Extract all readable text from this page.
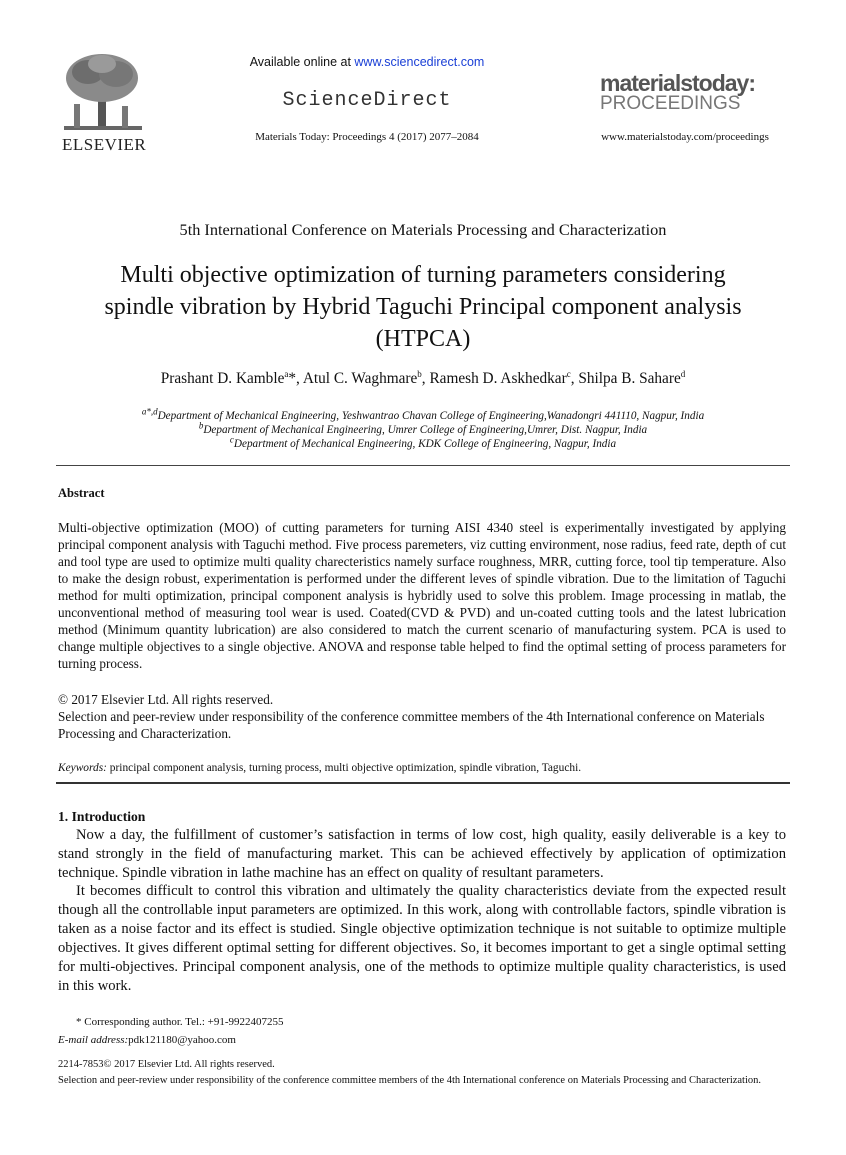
ELSEVIER
Available online at www.sciencedirect.com
ScienceDirect
Materials Today: Proceedings 4 (2017) 2077–2084
materialstoday:
PROCEEDINGS
www.materialstoday.com/proceedings
5th International Conference on Materials Processing and Characterization
Multi objective optimization of turning parameters considering
spindle vibration by Hybrid Taguchi Principal component analysis
(HTPCA)
Prashant D. Kamble$^a$*, Atul C. Waghmare$^b$, Ramesh D. Askhedkar$^c$, Shilpa B. Sahare$^d$
$^{a*,d}$Department of Mechanical Engineering, Yeshwantrao Chavan College of Engineering,Wanadongri 441110, Nagpur, India
$^b$Department of Mechanical Engineering, Umrer College of Engineering,Umrer, Dist. Nagpur, India
$^c$Department of Mechanical Engineering, KDK College of Engineering, Nagpur, India
Abstract
Multi-objective optimization (MOO) of cutting parameters for turning AISI 4340 steel is experimentally investigated by applying principal component analysis with Taguchi method. Five process paremeters, viz cutting environment, nose radius, feed rate, depth of cut and tool type are used to optimize multi quality charecteristics namely surface roughness, MRR, cutting force, tool tip temperature. Also to make the design robust, experimentation is performed under the different leves of spindle vibration. Due to the limitation of Taguchi method for multi optimization, principal component analysis is hybridly used to solve this problem. Image processing in matlab, the unconventional method of measuring tool wear is used. Coated(CVD & PVD) and un-coated cutting tools and the latest lubrication method (Minimum quantity lubrication) are also considered to match the current scenario of manufacturing system. PCA is used to change multiple objectives to a single objective. ANOVA and response table helped to find the optimal setting of process parameters for turning process.
© 2017 Elsevier Ltd. All rights reserved.
Selection and peer-review under responsibility of the conference committee members of the 4th International conference on Materials Processing and Characterization.
Keywords: principal component analysis, turning process, multi objective optimization, spindle vibration, Taguchi.
1. Introduction
Now a day, the fulfillment of customer’s satisfaction in terms of low cost, high quality, easily deliverable is a key to stand strongly in the field of manufacturing market. This can be achieved effectively by application of optimization technique. Spindle vibration in lathe machine has an effect on quality of resultant parameters.
It becomes difficult to control this vibration and ultimately the quality characteristics deviate from the expected result though all the controllable input parameters are optimized. In this work, along with controllable factors, spindle vibration is taken as a noise factor and its effect is studied. Single objective optimization technique is not suitable to optimize multiple objectives. It gives different optimal setting for different objectives. So, it becomes important to get a single optimal setting for multi-objectives. Principal component analysis, one of the methods to optimize multiple quality characteristics, is used in this work.
* Corresponding author. Tel.: +91-9922407255
E-mail address:pdk121180@yahoo.com
2214-7853© 2017 Elsevier Ltd. All rights reserved.
Selection and peer-review under responsibility of the conference committee members of the 4th International conference on Materials Processing and Characterization.
